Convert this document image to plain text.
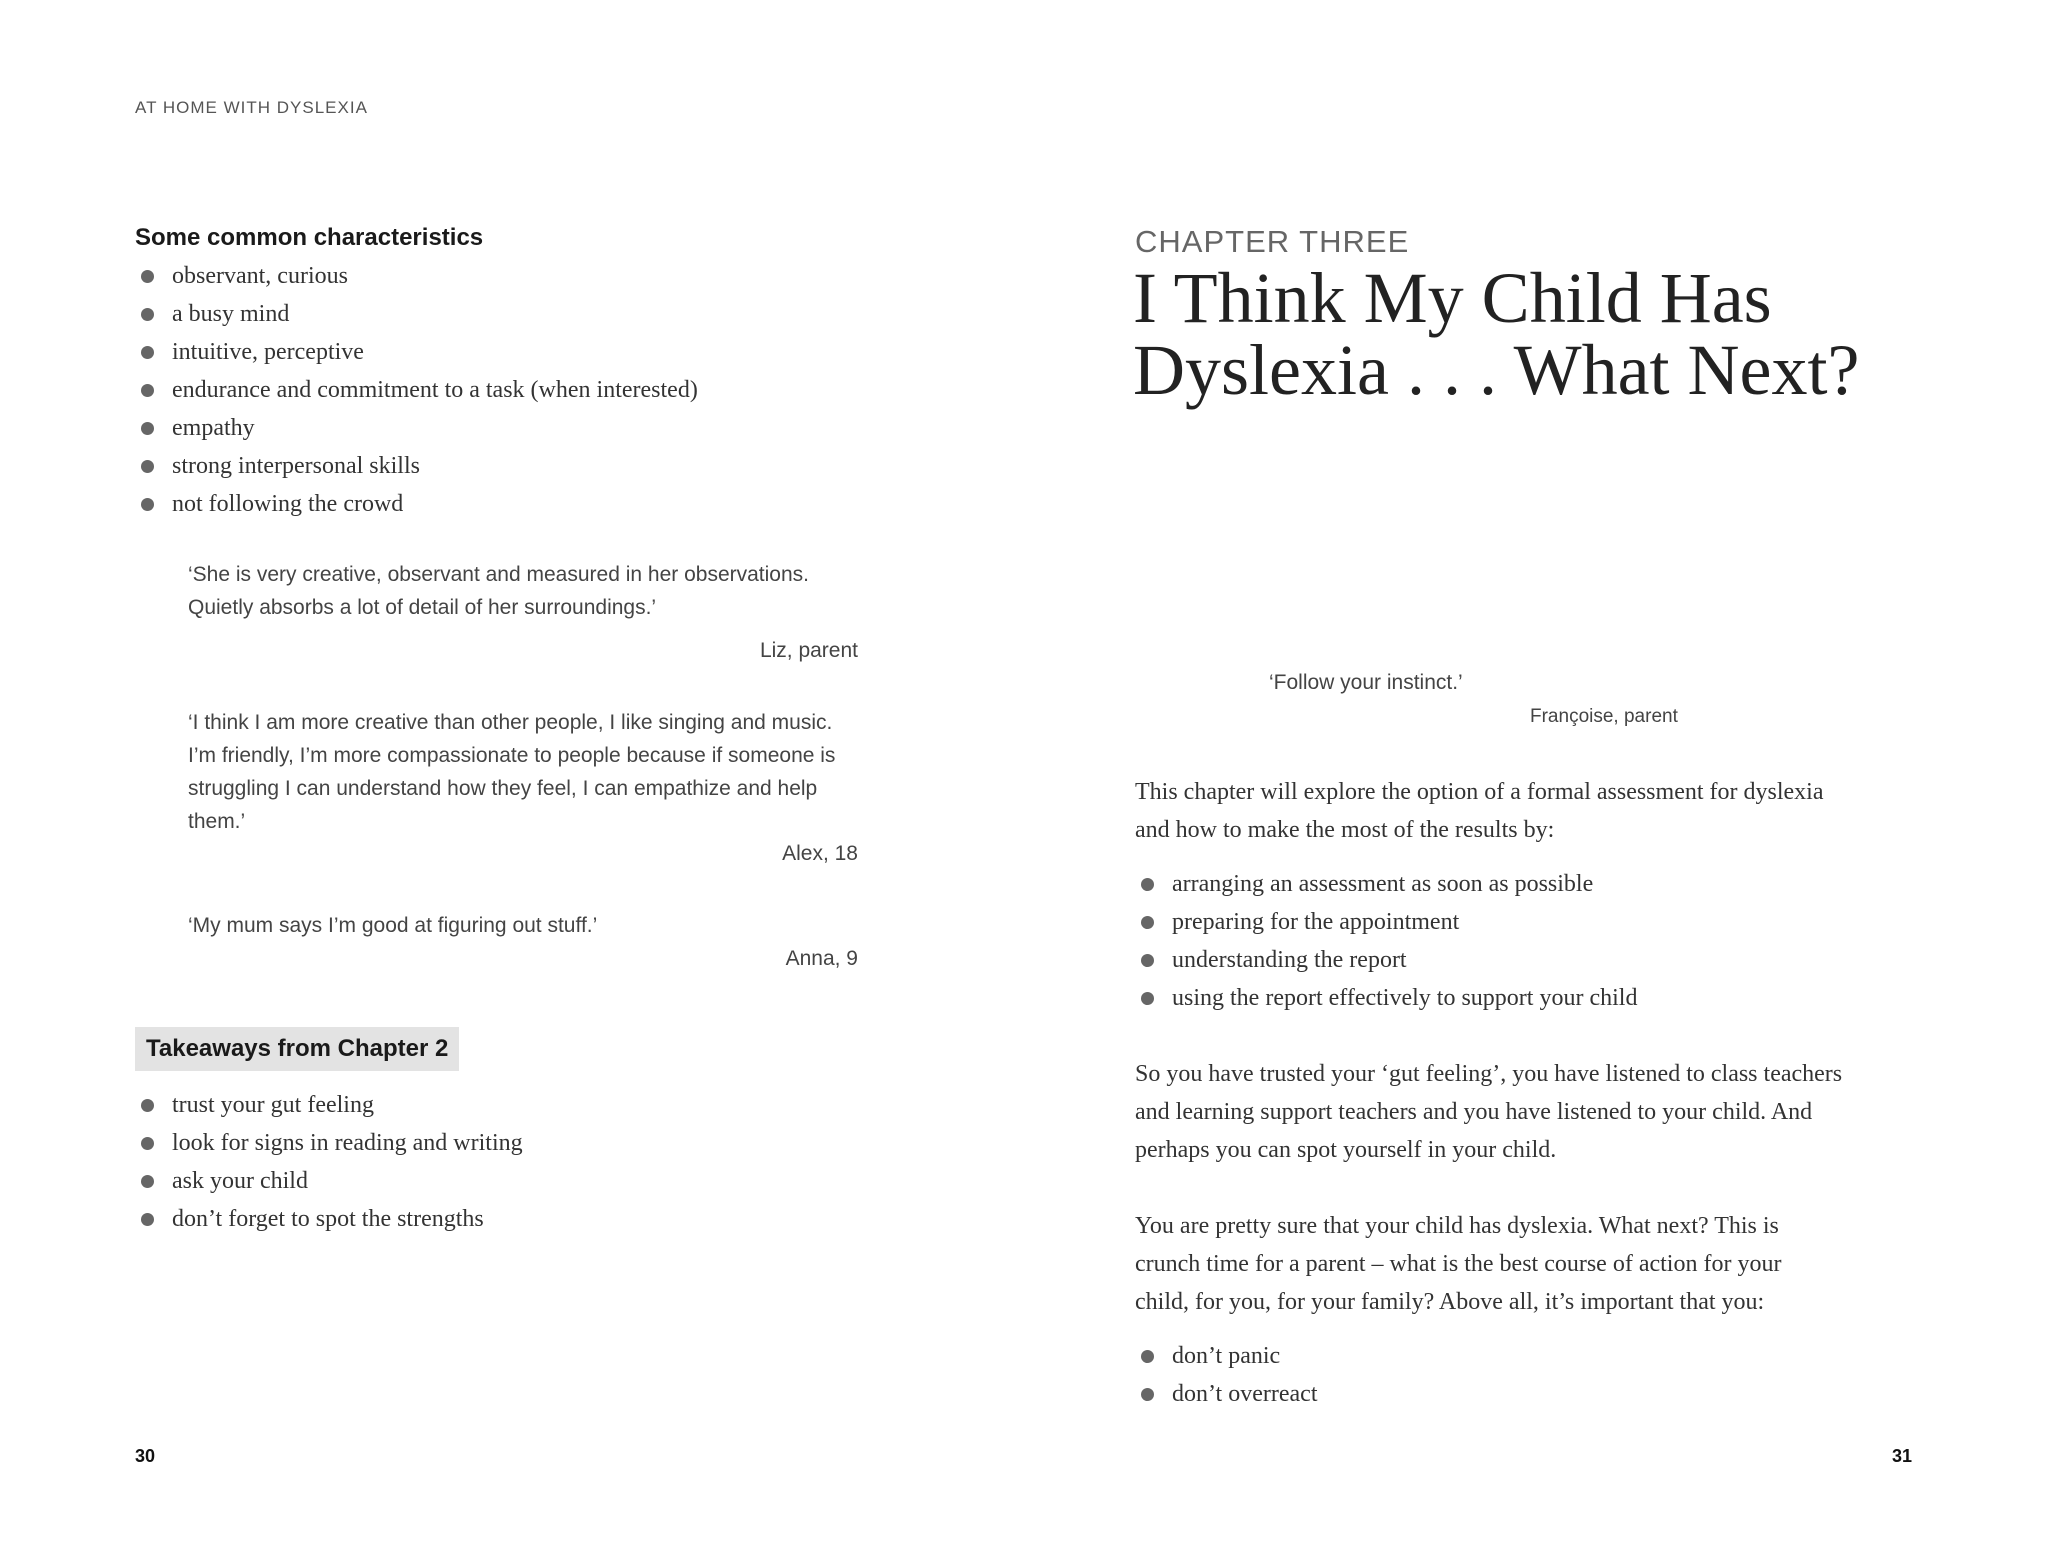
AT HOME WITH DYSLEXIA
Some common characteristics
observant, curious
a busy mind
intuitive, perceptive
endurance and commitment to a task (when interested)
empathy
strong interpersonal skills
not following the crowd
‘She is very creative, observant and measured in her observations.
Quietly absorbs a lot of detail of her surroundings.’
Liz, parent
‘I think I am more creative than other people, I like singing and music.
I’m friendly, I’m more compassionate to people because if someone is
struggling I can understand how they feel, I can empathize and help
them.’
Alex, 18
‘My mum says I’m good at figuring out stuff.’
Anna, 9
Takeaways from Chapter 2
trust your gut feeling
look for signs in reading and writing
ask your child
don’t forget to spot the strengths
30
CHAPTER THREE
I Think My Child Has
Dyslexia . . . What Next?
‘Follow your instinct.’
Françoise, parent
This chapter will explore the option of a formal assessment for dyslexia
and how to make the most of the results by:
arranging an assessment as soon as possible
preparing for the appointment
understanding the report
using the report effectively to support your child
So you have trusted your ‘gut feeling’, you have listened to class teachers
and learning support teachers and you have listened to your child. And
perhaps you can spot yourself in your child.
You are pretty sure that your child has dyslexia. What next? This is
crunch time for a parent – what is the best course of action for your
child, for you, for your family? Above all, it’s important that you:
don’t panic
don’t overreact
31
